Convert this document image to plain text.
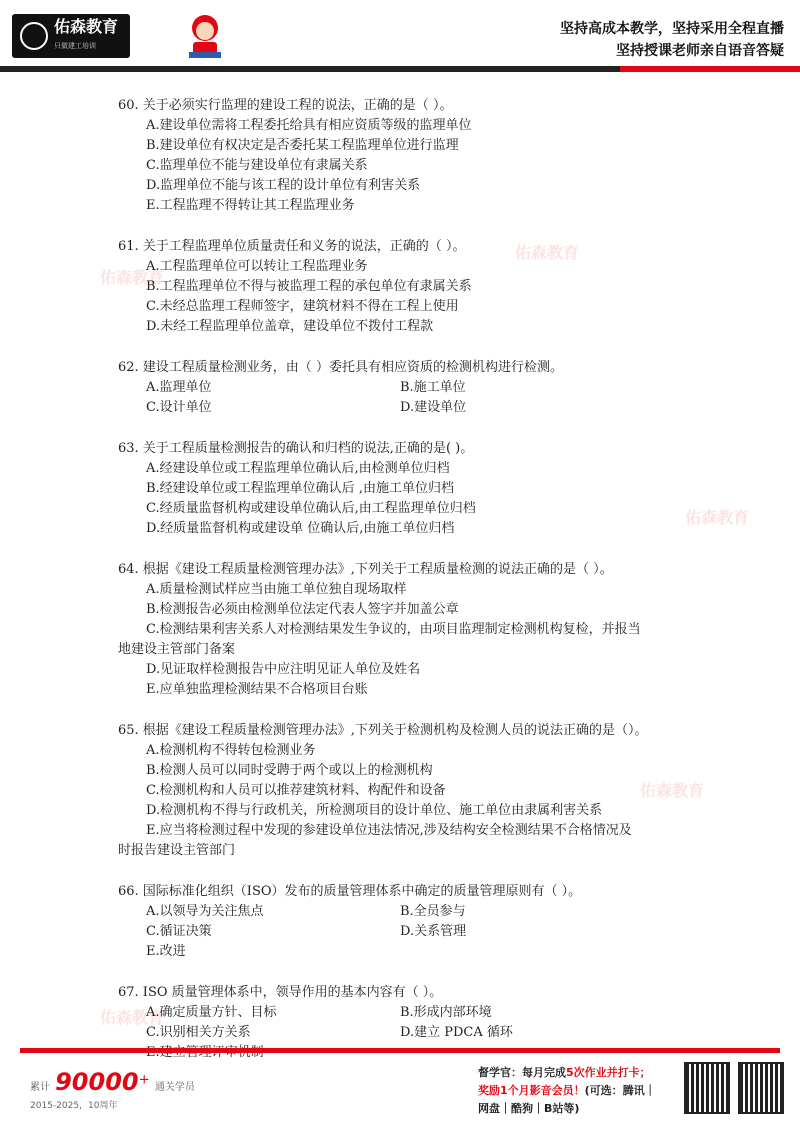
佑森教育
只做建工培训
坚持高成本教学，坚持采用全程直播
坚持授课老师亲自语音答疑
佑森教育
佑森教育
佑森教育
佑森教育
佑森教育
60. 关于必须实行监理的建设工程的说法，正确的是（ ）。
A.建设单位需将工程委托给具有相应资质等级的监理单位
B.建设单位有权决定是否委托某工程监理单位进行监理
C.监理单位不能与建设单位有隶属关系
D.监理单位不能与该工程的设计单位有利害关系
E.工程监理不得转让其工程监理业务
61. 关于工程监理单位质量责任和义务的说法，正确的（ ）。
A.工程监理单位可以转让工程监理业务
B.工程监理单位不得与被监理工程的承包单位有隶属关系
C.未经总监理工程师签字，建筑材料不得在工程上使用
D.未经工程监理单位盖章，建设单位不拨付工程款
62. 建设工程质量检测业务，由（ ）委托具有相应资质的检测机构进行检测。
A.监理单位	B.施工单位
C.设计单位	D.建设单位
63. 关于工程质量检测报告的确认和归档的说法,正确的是( )。
A.经建设单位或工程监理单位确认后,由检测单位归档
B.经建设单位或工程监理单位确认后 ,由施工单位归档
C.经质量监督机构或建设单位确认后,由工程监理单位归档
D.经质量监督机构或建设单 位确认后,由施工单位归档
64. 根据《建设工程质量检测管理办法》,下列关于工程质量检测的说法正确的是（ ）。
A.质量检测试样应当由施工单位独自现场取样
B.检测报告必须由检测单位法定代表人签字并加盖公章
C.检测结果利害关系人对检测结果发生争议的，由项目监理制定检测机构复检，并报当
地建设主管部门备案
D.见证取样检测报告中应注明见证人单位及姓名
E.应单独监理检测结果不合格项目台账
65. 根据《建设工程质量检测管理办法》,下列关于检测机构及检测人员的说法正确的是（）。
A.检测机构不得转包检测业务
B.检测人员可以同时受聘于两个或以上的检测机构
C.检测机构和人员可以推荐建筑材料、构配件和设备
D.检测机构不得与行政机关，所检测项目的设计单位、施工单位由隶属利害关系
E.应当将检测过程中发现的参建设单位违法情况,涉及结构安全检测结果不合格情况及
时报告建设主管部门
66. 国际标准化组织（ISO）发布的质量管理体系中确定的质量管理原则有（ ）。
A.以领导为关注焦点	B.全员参与
C.循证决策	D.关系管理
E.改进
67. ISO 质量管理体系中，领导作用的基本内容有（ ）。
A.确定质量方针、目标	B.形成内部环境
C.识别相关方关系	D.建立 PDCA 循环
累计 90000+ 通关学员
2015-2025，10周年
督学官：每月完成5次作业并打卡；
奖励1个月影音会员！(可选：腾讯｜
网盘｜酷狗｜B站等)
